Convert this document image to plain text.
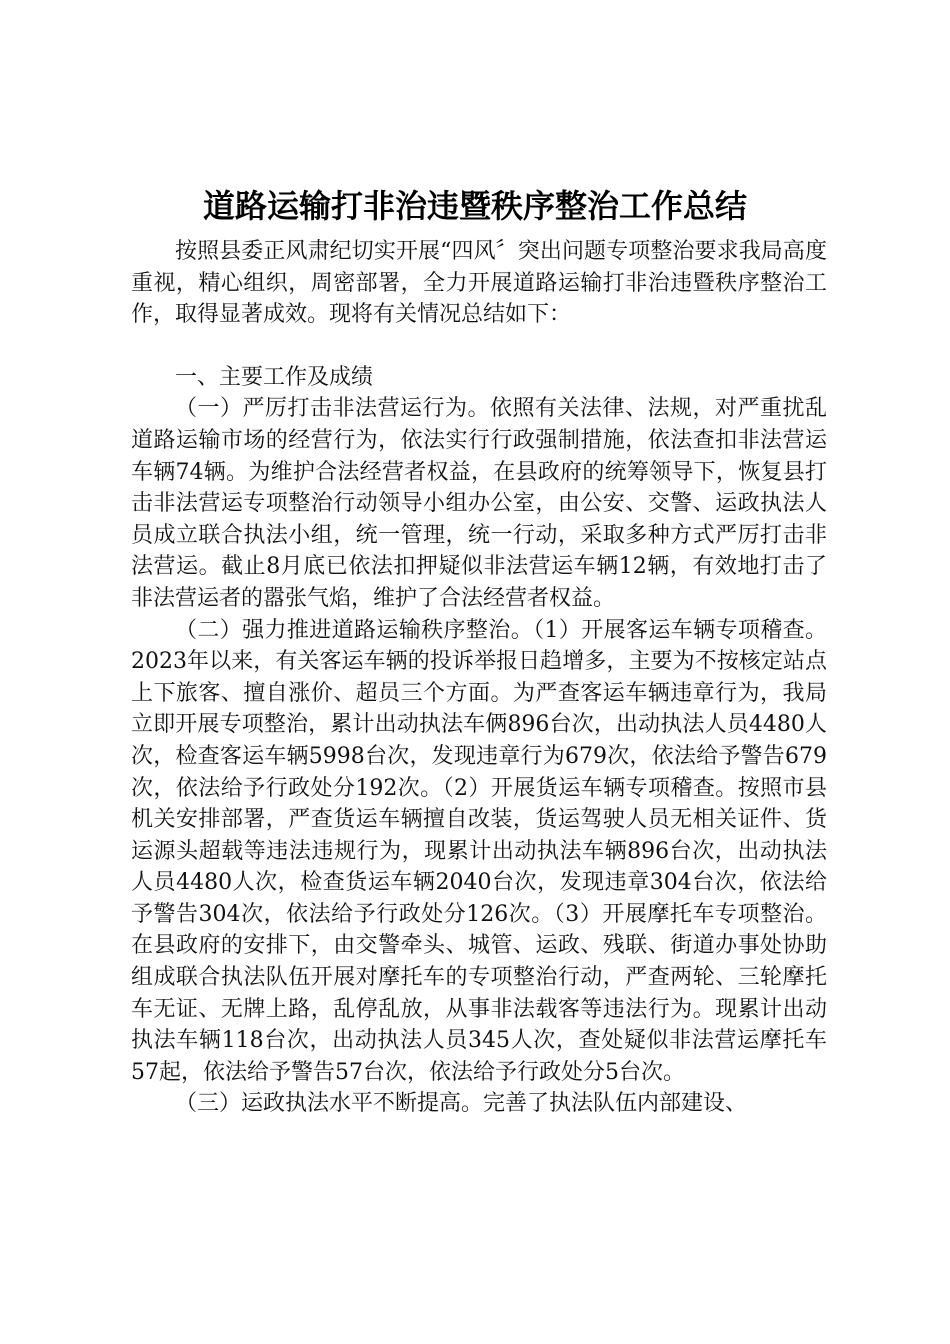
道路运输打非治违暨秩序整治工作总结

按照县委正风肃纪切实开展“四风〞突出问题专项整治要求我局高度重视，精心组织，周密部署，全力开展道路运输打非治违暨秩序整治工作，取得显著成效。现将有关情况总结如下：

一、主要工作及成绩

（一）严厉打击非法营运行为。依照有关法律、法规，对严重扰乱道路运输市场的经营行为，依法实行行政强制措施，依法查扣非法营运车辆74辆。为维护合法经营者权益，在县政府的统筹领导下，恢复县打击非法营运专项整治行动领导小组办公室，由公安、交警、运政执法人员成立联合执法小组，统一管理，统一行动，采取多种方式严厉打击非法营运。截止8月底已依法扣押疑似非法营运车辆12辆，有效地打击了非法营运者的嚣张气焰，维护了合法经营者权益。

（二）强力推进道路运输秩序整治。（1）开展客运车辆专项稽查。2023年以来，有关客运车辆的投诉举报日趋增多，主要为不按核定站点上下旅客、擅自涨价、超员三个方面。为严查客运车辆违章行为，我局立即开展专项整治，累计出动执法车俩896台次，出动执法人员4480人次，检查客运车辆5998台次，发现违章行为679次，依法给予警告679次，依法给予行政处分192次。（2）开展货运车辆专项稽查。按照市县机关安排部署，严查货运车辆擅自改装，货运驾驶人员无相关证件、货运源头超载等违法违规行为，现累计出动执法车辆896台次，出动执法人员4480人次，检查货运车辆2040台次，发现违章304台次，依法给予警告304次，依法给予行政处分126次。（3）开展摩托车专项整治。在县政府的安排下，由交警牵头、城管、运政、残联、街道办事处协助组成联合执法队伍开展对摩托车的专项整治行动，严查两轮、三轮摩托车无证、无牌上路，乱停乱放，从事非法载客等违法行为。现累计出动执法车辆118台次，出动执法人员345人次，查处疑似非法营运摩托车57起，依法给予警告57台次，依法给予行政处分5台次。

（三）运政执法水平不断提高。完善了执法队伍内部建设、
